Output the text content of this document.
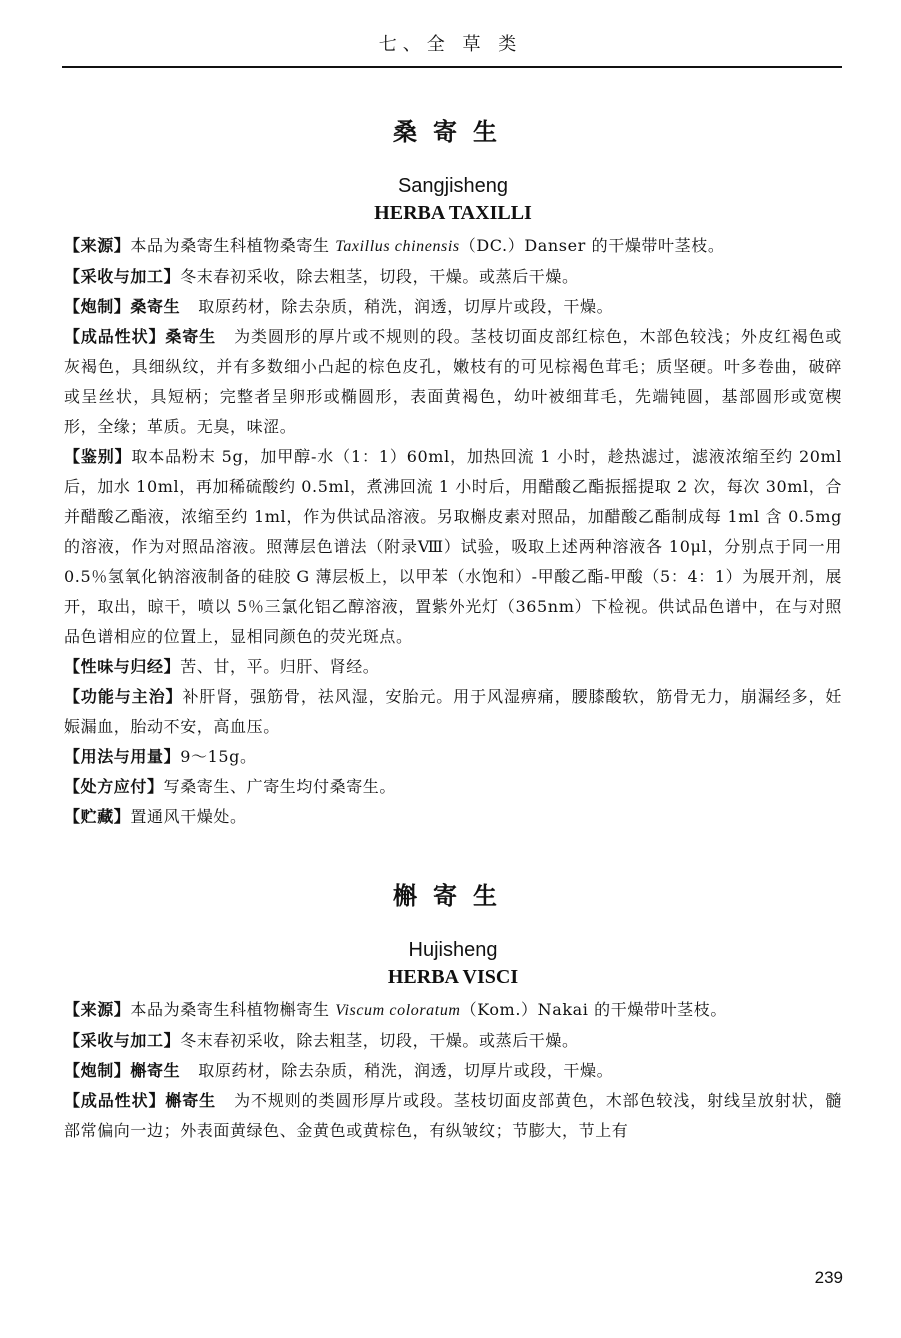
七、全 草 类
桑寄生
Sangjisheng
HERBA TAXILLI

【来源】本品为桑寄生科植物桑寄生 Taxillus chinensis（DC.）Danser 的干燥带叶茎枝。

【采收与加工】冬末春初采收，除去粗茎，切段，干燥。或蒸后干燥。

【炮制】桑寄生 取原药材，除去杂质，稍洗，润透，切厚片或段，干燥。

【成品性状】桑寄生 为类圆形的厚片或不规则的段。茎枝切面皮部红棕色，木部色较浅；外皮红褐色或灰褐色，具细纵纹，并有多数细小凸起的棕色皮孔，嫩枝有的可见棕褐色茸毛；质坚硬。叶多卷曲，破碎或呈丝状，具短柄；完整者呈卵形或椭圆形，表面黄褐色，幼叶被细茸毛，先端钝圆，基部圆形或宽楔形，全缘；革质。无臭，味涩。

【鉴别】取本品粉末 5g，加甲醇-水（1：1）60ml，加热回流 1 小时，趁热滤过，滤液浓缩至约 20ml 后，加水 10ml，再加稀硫酸约 0.5ml，煮沸回流 1 小时后，用醋酸乙酯振摇提取 2 次，每次 30ml，合并醋酸乙酯液，浓缩至约 1ml，作为供试品溶液。另取槲皮素对照品，加醋酸乙酯制成每 1ml 含 0.5mg 的溶液，作为对照品溶液。照薄层色谱法（附录Ⅷ）试验，吸取上述两种溶液各 10μl，分别点于同一用 0.5％氢氧化钠溶液制备的硅胶 G 薄层板上，以甲苯（水饱和）-甲酸乙酯-甲酸（5：4：1）为展开剂，展开，取出，晾干，喷以 5％三氯化铝乙醇溶液，置紫外光灯（365nm）下检视。供试品色谱中，在与对照品色谱相应的位置上，显相同颜色的荧光斑点。

【性味与归经】苦、甘，平。归肝、肾经。

【功能与主治】补肝肾，强筋骨，祛风湿，安胎元。用于风湿痹痛，腰膝酸软，筋骨无力，崩漏经多，妊娠漏血，胎动不安，高血压。

【用法与用量】9～15g。

【处方应付】写桑寄生、广寄生均付桑寄生。

【贮藏】置通风干燥处。

槲寄生
Hujisheng
HERBA VISCI

【来源】本品为桑寄生科植物槲寄生 Viscum coloratum（Kom.）Nakai 的干燥带叶茎枝。

【采收与加工】冬末春初采收，除去粗茎，切段，干燥。或蒸后干燥。

【炮制】槲寄生 取原药材，除去杂质，稍洗，润透，切厚片或段，干燥。

【成品性状】槲寄生 为不规则的类圆形厚片或段。茎枝切面皮部黄色，木部色较浅，射线呈放射状，髓部常偏向一边；外表面黄绿色、金黄色或黄棕色，有纵皱纹；节膨大，节上有

239
